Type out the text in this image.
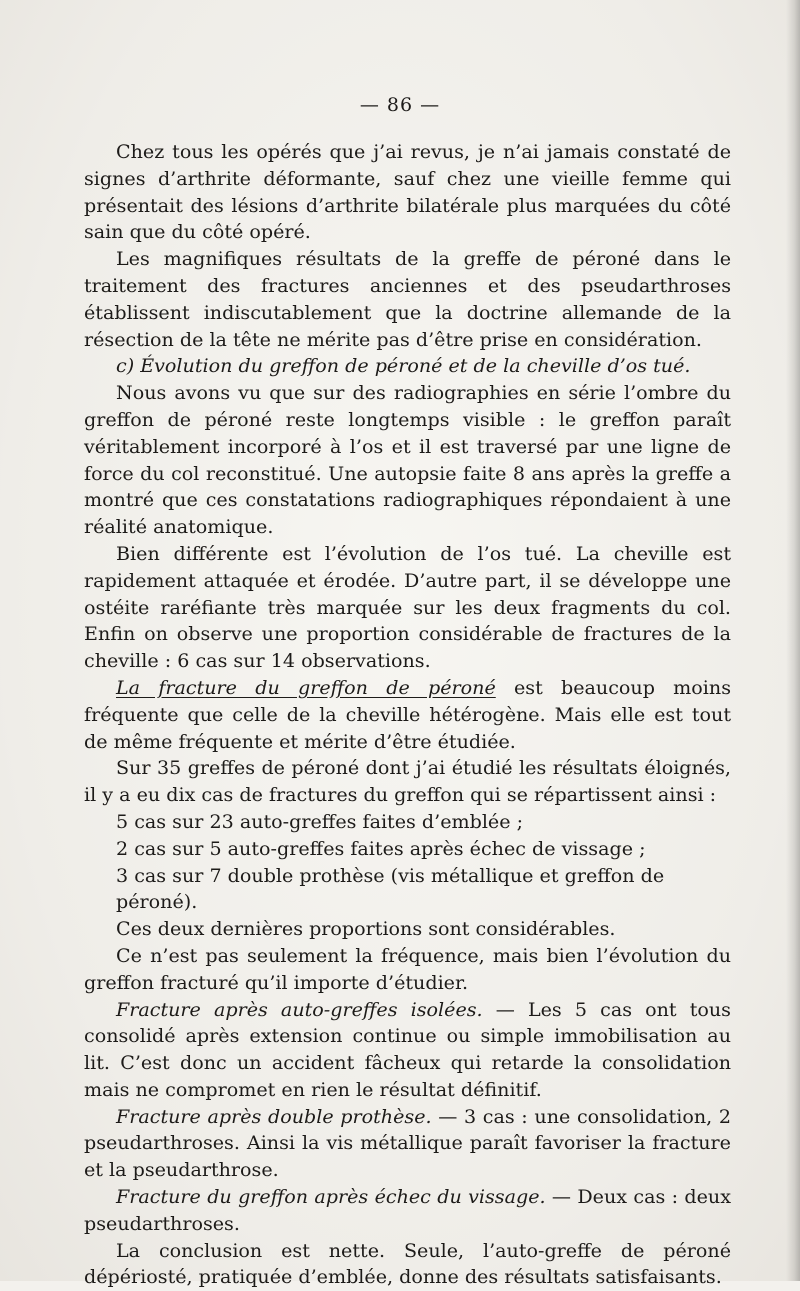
— 86 —

Chez tous les opérés que j’ai revus, je n’ai jamais constaté de signes d’arthrite déformante, sauf chez une vieille femme qui présentait des lésions d’arthrite bilatérale plus marquées du côté sain que du côté opéré.

Les magnifiques résultats de la greffe de péroné dans le traitement des fractures anciennes et des pseudarthroses établissent indiscutablement que la doctrine allemande de la résection de la tête ne mérite pas d’être prise en considération.

c) Évolution du greffon de péroné et de la cheville d’os tué.

Nous avons vu que sur des radiographies en série l’ombre du greffon de péroné reste longtemps visible : le greffon paraît véritablement incorporé à l’os et il est traversé par une ligne de force du col reconstitué. Une autopsie faite 8 ans après la greffe a montré que ces constatations radiographiques répondaient à une réalité anatomique.

Bien différente est l’évolution de l’os tué. La cheville est rapidement attaquée et érodée. D’autre part, il se développe une ostéite raréfiante très marquée sur les deux fragments du col. Enfin on observe une proportion considérable de fractures de la cheville : 6 cas sur 14 observations.

La fracture du greffon de péroné est beaucoup moins fréquente que celle de la cheville hétérogène. Mais elle est tout de même fréquente et mérite d’être étudiée.

Sur 35 greffes de péroné dont j’ai étudié les résultats éloignés, il y a eu dix cas de fractures du greffon qui se répartissent ainsi :

5 cas sur 23 auto-greffes faites d’emblée ;

2 cas sur 5 auto-greffes faites après échec de vissage ;

3 cas sur 7 double prothèse (vis métallique et greffon de péroné).

Ces deux dernières proportions sont considérables.

Ce n’est pas seulement la fréquence, mais bien l’évolution du greffon fracturé qu’il importe d’étudier.

Fracture après auto-greffes isolées. — Les 5 cas ont tous consolidé après extension continue ou simple immobilisation au lit. C’est donc un accident fâcheux qui retarde la consolidation mais ne compromet en rien le résultat définitif.

Fracture après double prothèse. — 3 cas : une consolidation, 2 pseudarthroses. Ainsi la vis métallique paraît favoriser la fracture et la pseudarthrose.

Fracture du greffon après échec du vissage. — Deux cas : deux pseudarthroses.

La conclusion est nette. Seule, l’auto-greffe de péroné dépériosté, pratiquée d’emblée, donne des résultats satisfaisants.
